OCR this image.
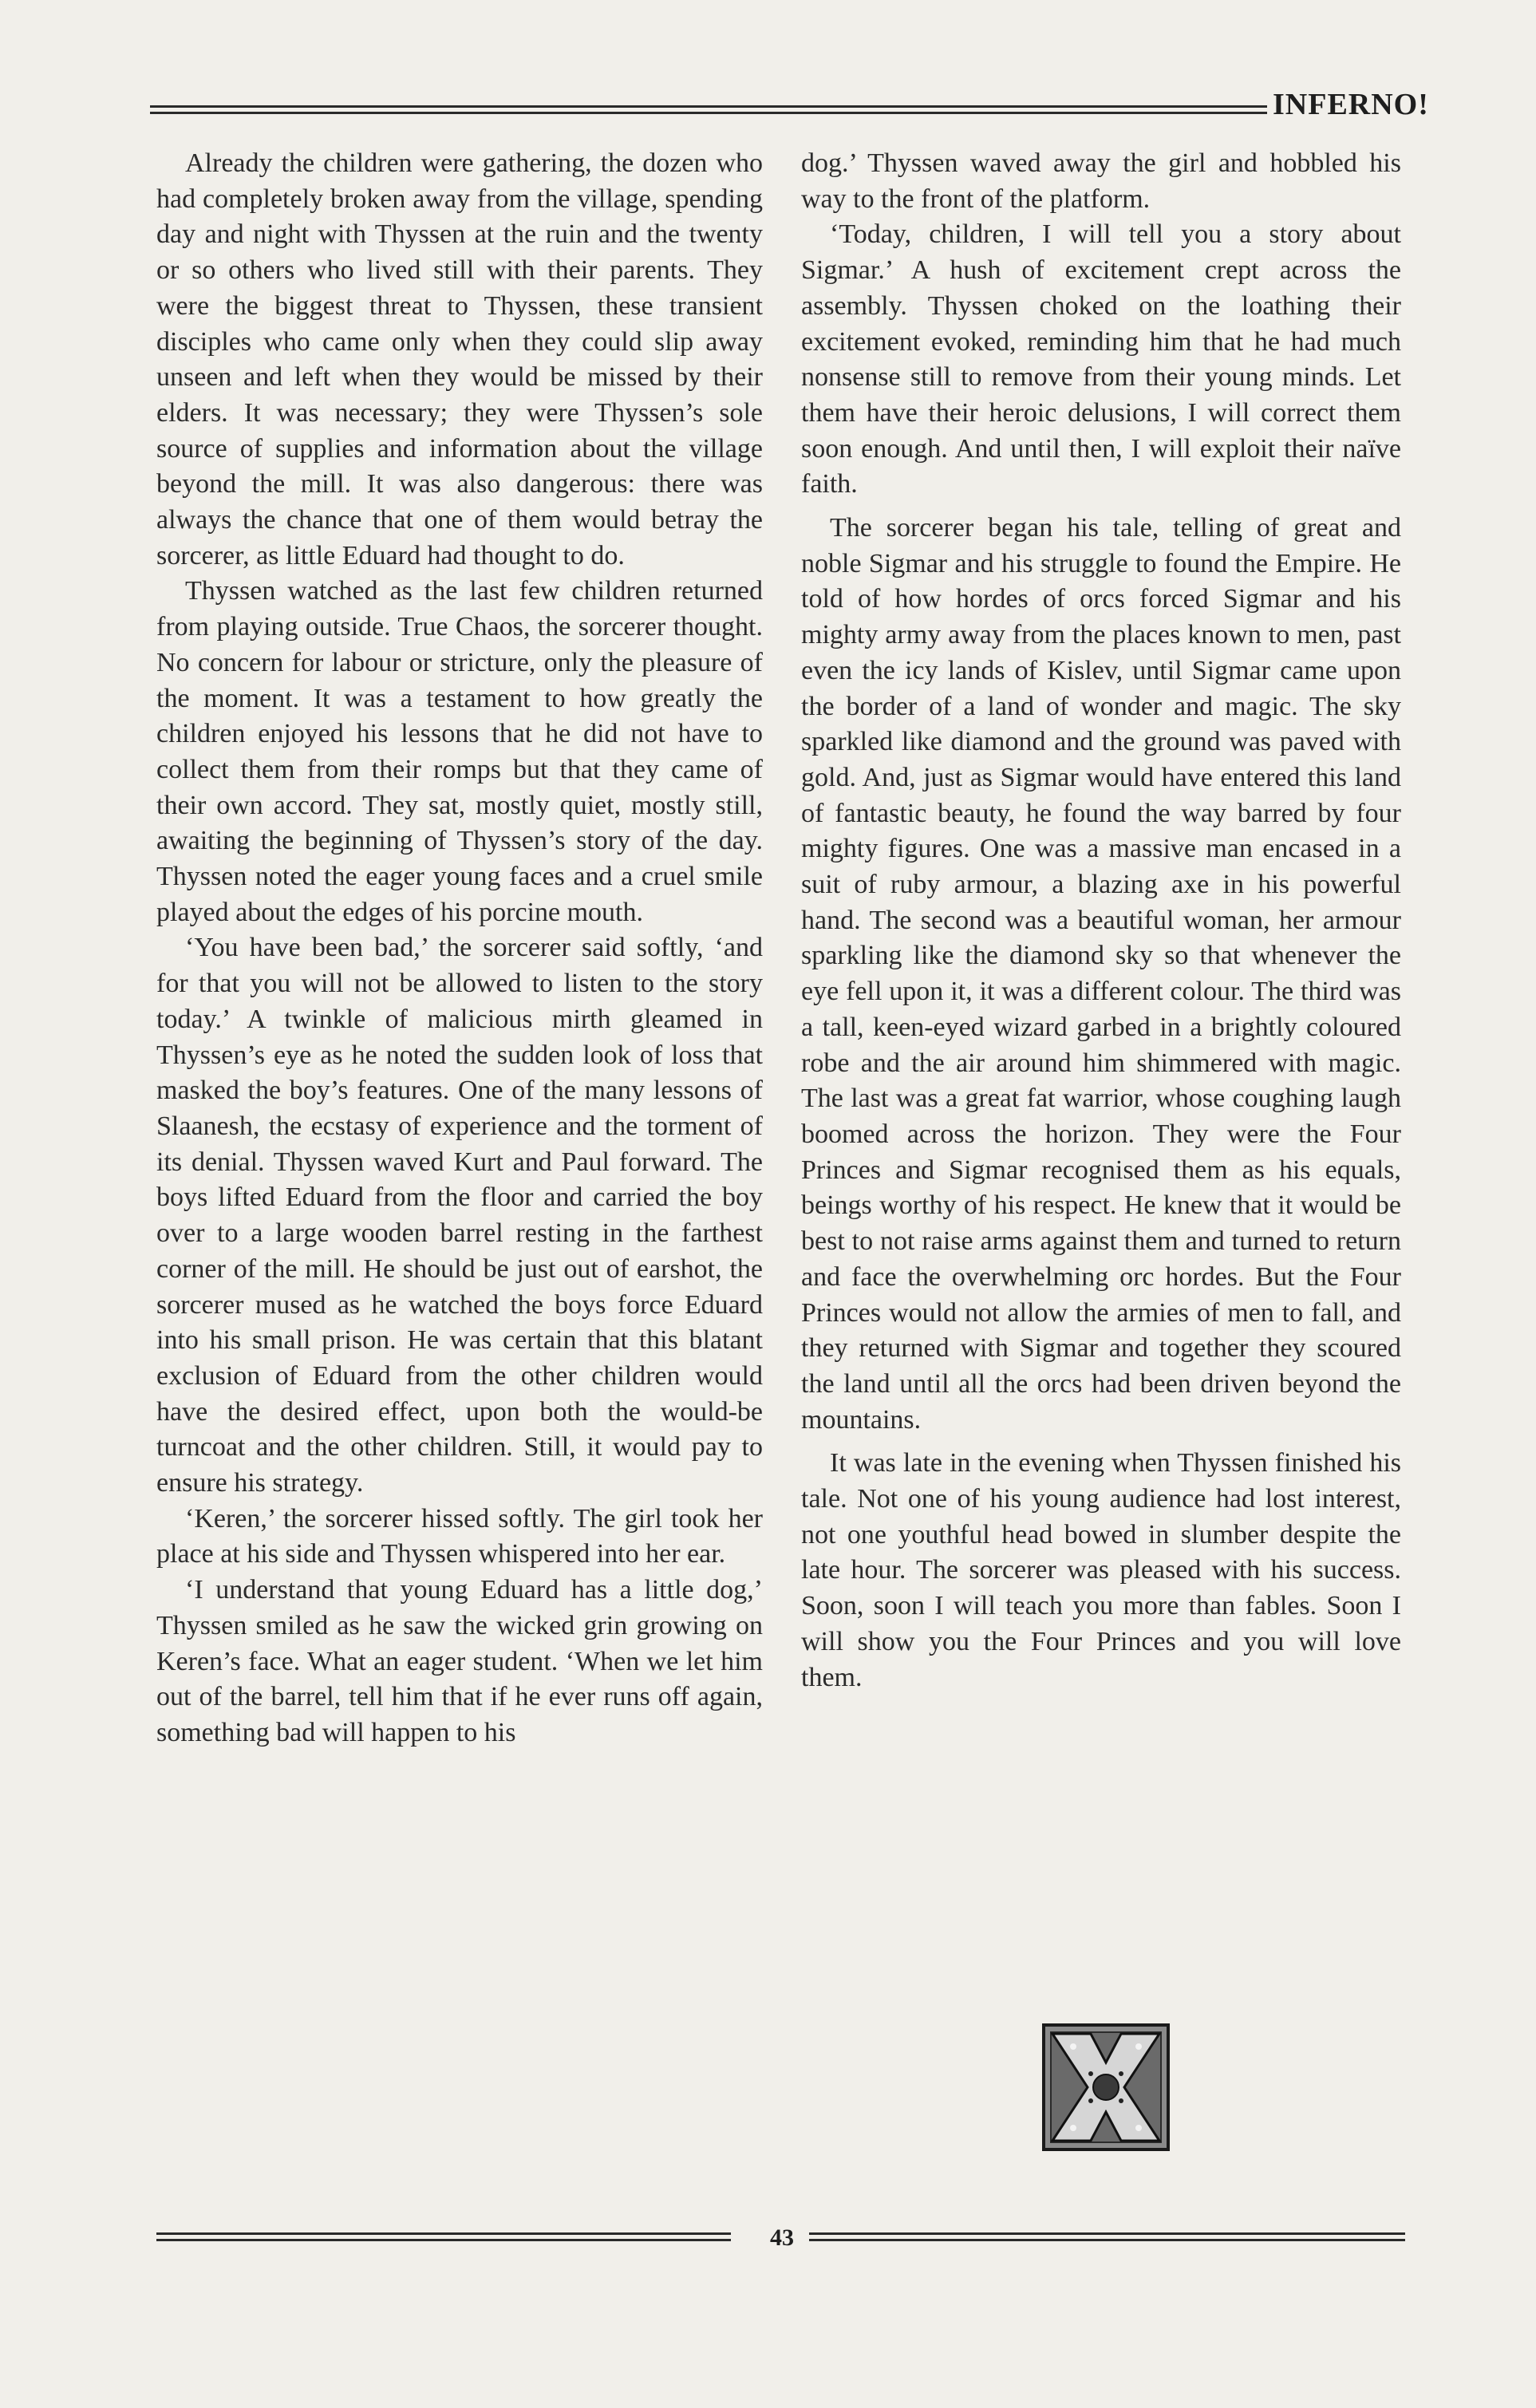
INFERNO!

Already the children were gathering, the dozen who had completely broken away from the village, spending day and night with Thyssen at the ruin and the twenty or so others who lived still with their parents. They were the biggest threat to Thyssen, these transient disciples who came only when they could slip away unseen and left when they would be missed by their elders. It was necessary; they were Thyssen’s sole source of supplies and information about the village beyond the mill. It was also dangerous: there was always the chance that one of them would betray the sorcerer, as little Eduard had thought to do.

Thyssen watched as the last few children returned from playing outside. True Chaos, the sorcerer thought. No concern for labour or stricture, only the pleasure of the moment. It was a testament to how greatly the children enjoyed his lessons that he did not have to collect them from their romps but that they came of their own accord. They sat, mostly quiet, mostly still, awaiting the beginning of Thyssen’s story of the day. Thyssen noted the eager young faces and a cruel smile played about the edges of his porcine mouth.

‘You have been bad,’ the sorcerer said softly, ‘and for that you will not be allowed to listen to the story today.’ A twinkle of malicious mirth gleamed in Thyssen’s eye as he noted the sudden look of loss that masked the boy’s features. One of the many lessons of Slaanesh, the ecstasy of experience and the torment of its denial. Thyssen waved Kurt and Paul forward. The boys lifted Eduard from the floor and carried the boy over to a large wooden barrel resting in the farthest corner of the mill. He should be just out of earshot, the sorcerer mused as he watched the boys force Eduard into his small prison. He was certain that this blatant exclusion of Eduard from the other children would have the desired effect, upon both the would-be turncoat and the other children. Still, it would pay to ensure his strategy.

‘Keren,’ the sorcerer hissed softly. The girl took her place at his side and Thyssen whispered into her ear.

‘I understand that young Eduard has a little dog,’ Thyssen smiled as he saw the wicked grin growing on Keren’s face. What an eager student. ‘When we let him out of the barrel, tell him that if he ever runs off again, something bad will happen to his

dog.’ Thyssen waved away the girl and hobbled his way to the front of the platform.

‘Today, children, I will tell you a story about Sigmar.’ A hush of excitement crept across the assembly. Thyssen choked on the loathing their excitement evoked, reminding him that he had much nonsense still to remove from their young minds. Let them have their heroic delusions, I will correct them soon enough. And until then, I will exploit their naïve faith.

The sorcerer began his tale, telling of great and noble Sigmar and his struggle to found the Empire. He told of how hordes of orcs forced Sigmar and his mighty army away from the places known to men, past even the icy lands of Kislev, until Sigmar came upon the border of a land of wonder and magic. The sky sparkled like diamond and the ground was paved with gold. And, just as Sigmar would have entered this land of fantastic beauty, he found the way barred by four mighty figures. One was a massive man encased in a suit of ruby armour, a blazing axe in his powerful hand. The second was a beautiful woman, her armour sparkling like the diamond sky so that whenever the eye fell upon it, it was a different colour. The third was a tall, keen-eyed wizard garbed in a brightly coloured robe and the air around him shimmered with magic. The last was a great fat warrior, whose coughing laugh boomed across the horizon. They were the Four Princes and Sigmar recognised them as his equals, beings worthy of his respect. He knew that it would be best to not raise arms against them and turned to return and face the overwhelming orc hordes. But the Four Princes would not allow the armies of men to fall, and they returned with Sigmar and together they scoured the land until all the orcs had been driven beyond the mountains.

It was late in the evening when Thyssen finished his tale. Not one of his young audience had lost interest, not one youthful head bowed in slumber despite the late hour. The sorcerer was pleased with his success. Soon, soon I will teach you more than fables. Soon I will show you the Four Princes and you will love them.

43
